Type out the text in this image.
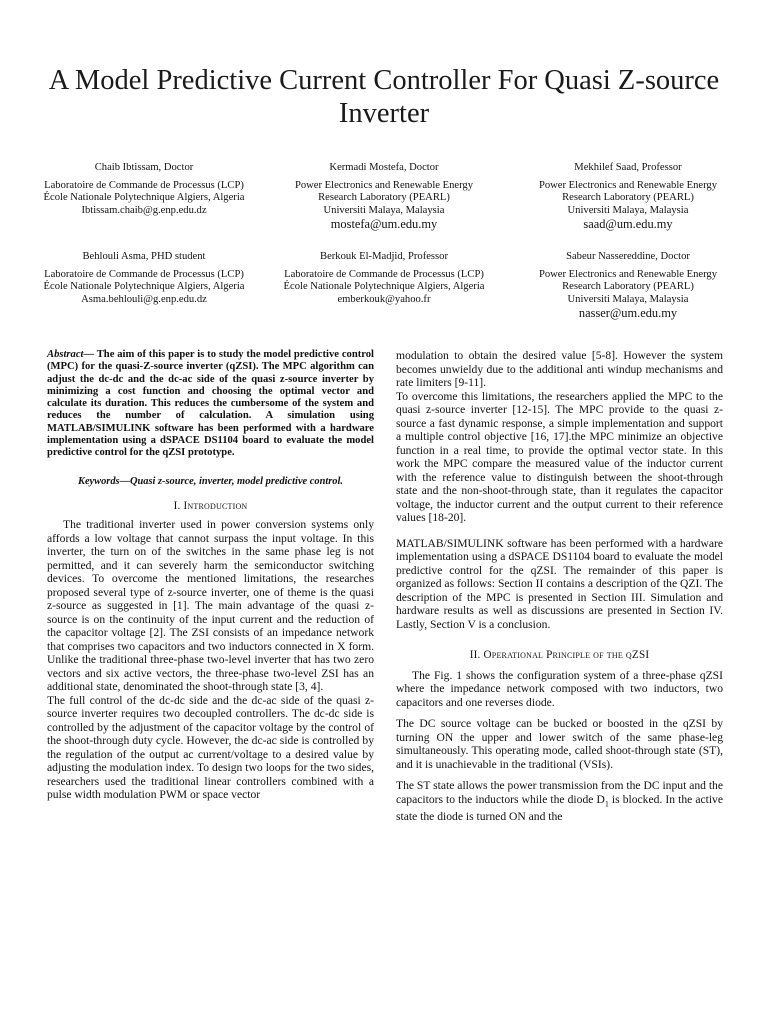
A Model Predictive Current Controller For Quasi Z-source Inverter
Chaib Ibtissam, Doctor
Laboratoire de Commande de Processus (LCP)
École Nationale Polytechnique Algiers, Algeria
Ibtissam.chaib@g.enp.edu.dz
Kermadi Mostefa, Doctor
Power Electronics and Renewable Energy
Research Laboratory (PEARL)
Universiti Malaya, Malaysia
mostefa@um.edu.my
Mekhilef Saad, Professor
Power Electronics and Renewable Energy
Research Laboratory (PEARL)
Universiti Malaya, Malaysia
saad@um.edu.my
Behlouli Asma, PHD student
Laboratoire de Commande de Processus (LCP)
École Nationale Polytechnique Algiers, Algeria
Asma.behlouli@g.enp.edu.dz
Berkouk El-Madjid, Professor
Laboratoire de Commande de Processus (LCP)
École Nationale Polytechnique Algiers, Algeria
emberkouk@yahoo.fr
Sabeur Nassereddine, Doctor
Power Electronics and Renewable Energy
Research Laboratory (PEARL)
Universiti Malaya, Malaysia
nasser@um.edu.my

Abstract— The aim of this paper is to study the model predictive control (MPC) for the quasi-Z-source inverter (qZSI). The MPC algorithm can adjust the dc-dc and the dc-ac side of the quasi z-source inverter by minimizing a cost function and choosing the optimal vector and calculate its duration. This reduces the cumbersome of the system and reduces the number of calculation. A simulation using MATLAB/SIMULINK software has been performed with a hardware implementation using a dSPACE DS1104 board to evaluate the model predictive control for the qZSI prototype.

Keywords—Quasi z-source, inverter, model predictive control.

I. Introduction

The traditional inverter used in power conversion systems only affords a low voltage that cannot surpass the input voltage. In this inverter, the turn on of the switches in the same phase leg is not permitted, and it can severely harm the semiconductor switching devices. To overcome the mentioned limitations, the researches proposed several type of z-source inverter, one of theme is the quasi z-source as suggested in [1]. The main advantage of the quasi z-source is on the continuity of the input current and the reduction of the capacitor voltage [2]. The ZSI consists of an impedance network that comprises two capacitors and two inductors connected in X form. Unlike the traditional three-phase two-level inverter that has two zero vectors and six active vectors, the three-phase two-level ZSI has an additional state, denominated the shoot-through state [3, 4].

The full control of the dc-dc side and the dc-ac side of the quasi z-source inverter requires two decoupled controllers. The dc-dc side is controlled by the adjustment of the capacitor voltage by the control of the shoot-through duty cycle. However, the dc-ac side is controlled by the regulation of the output ac current/voltage to a desired value by adjusting the modulation index. To design two loops for the two sides, researchers used the traditional linear controllers combined with a pulse width modulation PWM or space vector

modulation to obtain the desired value [5-8]. However the system becomes unwieldy due to the additional anti windup mechanisms and rate limiters [9-11].

To overcome this limitations, the researchers applied the MPC to the quasi z-source inverter [12-15]. The MPC provide to the quasi z-source a fast dynamic response, a simple implementation and support a multiple control objective [16, 17].the MPC minimize an objective function in a real time, to provide the optimal vector state. In this work the MPC compare the measured value of the inductor current with the reference value to distinguish between the shoot-through state and the non-shoot-through state, than it regulates the capacitor voltage, the inductor current and the output current to their reference values [18-20].

MATLAB/SIMULINK software has been performed with a hardware implementation using a dSPACE DS1104 board to evaluate the model predictive control for the qZSI. The remainder of this paper is organized as follows: Section II contains a description of the QZI. The description of the MPC is presented in Section III. Simulation and hardware results as well as discussions are presented in Section IV. Lastly, Section V is a conclusion.

II. Operational Principle of the qZSI

The Fig. 1 shows the configuration system of a three-phase qZSI where the impedance network composed with two inductors, two capacitors and one reverses diode.

The DC source voltage can be bucked or boosted in the qZSI by turning ON the upper and lower switch of the same phase-leg simultaneously. This operating mode, called shoot-through state (ST), and it is unachievable in the traditional (VSIs).

The ST state allows the power transmission from the DC input and the capacitors to the inductors while the diode $D_1$ is blocked. In the active state the diode is turned ON and the
